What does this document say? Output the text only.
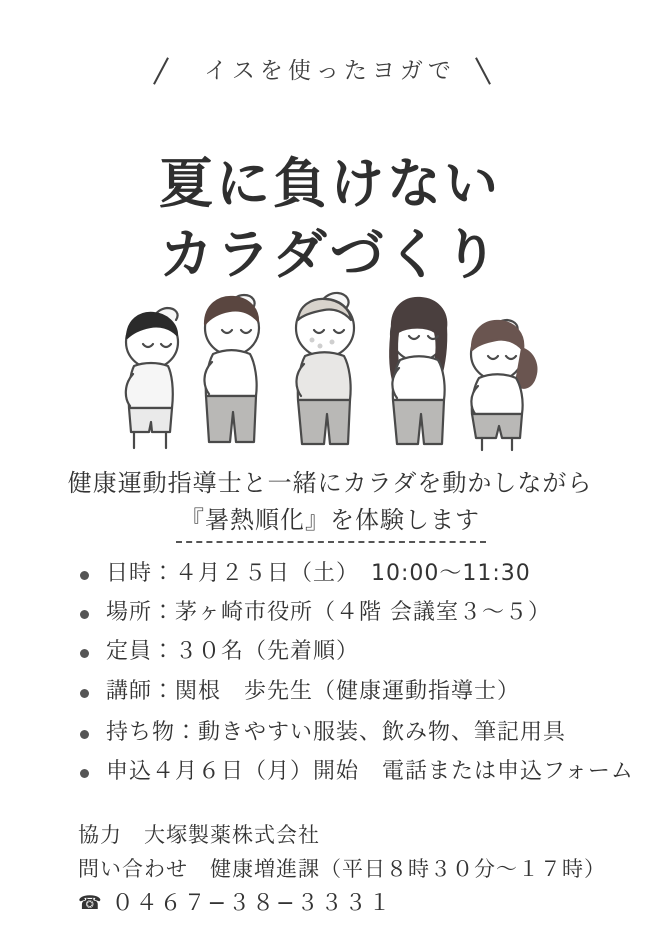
イスを使ったヨガで
夏に負けない
カラダづくり
健康運動指導士と一緒にカラダを動かしながら
『暑熱順化』を体験します
日時：４月２５日（土）　10:00〜11:30
場所：茅ヶ崎市役所（４階 会議室３〜５）
定員：３０名（先着順）
講師：関根　歩先生（健康運動指導士）
持ち物：動きやすい服装、飲み物、筆記用具
申込４月６日（月）開始　電話または申込フォーム
協力　大塚製薬株式会社
問い合わせ　健康増進課（平日８時３０分〜１７時）
☎ ０４６７−３８−３３３１
